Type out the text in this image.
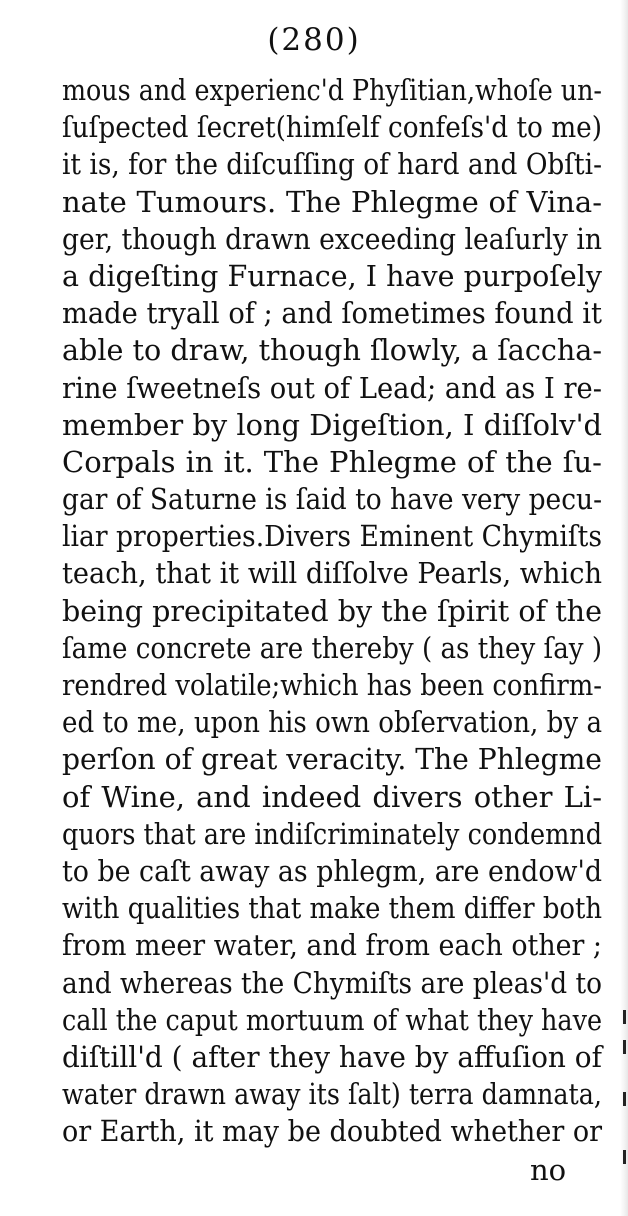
(280)
mous and experienc'd Phyſitian,whoſe un-
ſuſpected ſecret(himſelf confeſs'd to me)
it is, for the diſcuſſing of hard and Obſti-
nate Tumours. The Phlegme of Vina-
ger, though drawn exceeding leaſurly in
a digeſting Furnace, I have purpoſely
made tryall of ; and ſometimes found it
able to draw, though ſlowly, a ſaccha-
rine ſweetneſs out of Lead; and as I re-
member by long Digeſtion, I diſſolv'd
Corpals in it. The Phlegme of the ſu-
gar of Saturne is ſaid to have very pecu-
liar properties.Divers Eminent Chymiſts
teach, that it will diſſolve Pearls, which
being precipitated by the ſpirit of the
ſame concrete are thereby ( as they ſay )
rendred volatile;which has been confirm-
ed to me, upon his own obſervation, by a
perſon of great veracity. The Phlegme
of Wine, and indeed divers other Li-
quors that are indiſcriminately condemnd
to be caſt away as phlegm, are endow'd
with qualities that make them differ both
from meer water, and from each other ;
and whereas the Chymiſts are pleas'd to
call the caput mortuum of what they have
diſtill'd ( after they have by affuſion of
water drawn away its ſalt) terra damnata,
or Earth, it may be doubted whether or
no
